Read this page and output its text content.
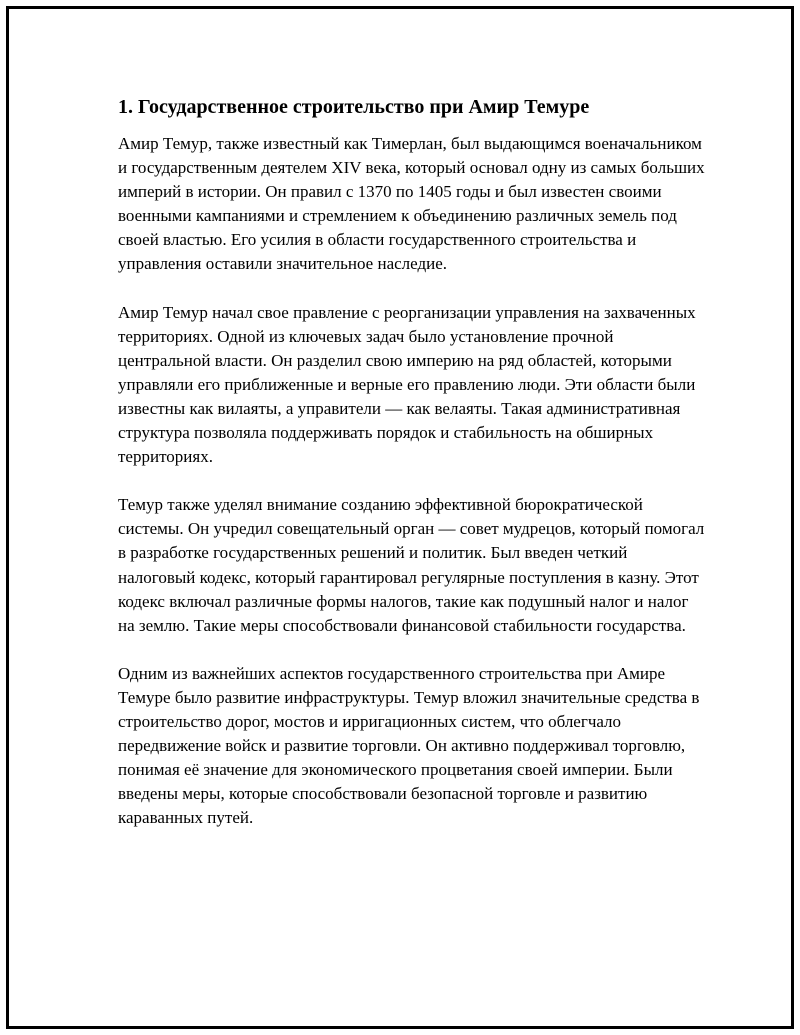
1. Государственное строительство при Амир Темуре

Амир Темур, также известный как Тимерлан, был выдающимся военачальником и государственным деятелем XIV века, который основал одну из самых больших империй в истории. Он правил с 1370 по 1405 годы и был известен своими военными кампаниями и стремлением к объединению различных земель под своей властью. Его усилия в области государственного строительства и управления оставили значительное наследие.

Амир Темур начал свое правление с реорганизации управления на захваченных территориях. Одной из ключевых задач было установление прочной центральной власти. Он разделил свою империю на ряд областей, которыми управляли его приближенные и верные его правлению люди. Эти области были известны как вилаяты, а управители — как велаяты. Такая административная структура позволяла поддерживать порядок и стабильность на обширных территориях.

Темур также уделял внимание созданию эффективной бюрократической системы. Он учредил совещательный орган — совет мудрецов, который помогал в разработке государственных решений и политик. Был введен четкий налоговый кодекс, который гарантировал регулярные поступления в казну. Этот кодекс включал различные формы налогов, такие как подушный налог и налог на землю. Такие меры способствовали финансовой стабильности государства.

Одним из важнейших аспектов государственного строительства при Амире Темуре было развитие инфраструктуры. Темур вложил значительные средства в строительство дорог, мостов и ирригационных систем, что облегчало передвижение войск и развитие торговли. Он активно поддерживал торговлю, понимая её значение для экономического процветания своей империи. Были введены меры, которые способствовали безопасной торговле и развитию караванных путей.
